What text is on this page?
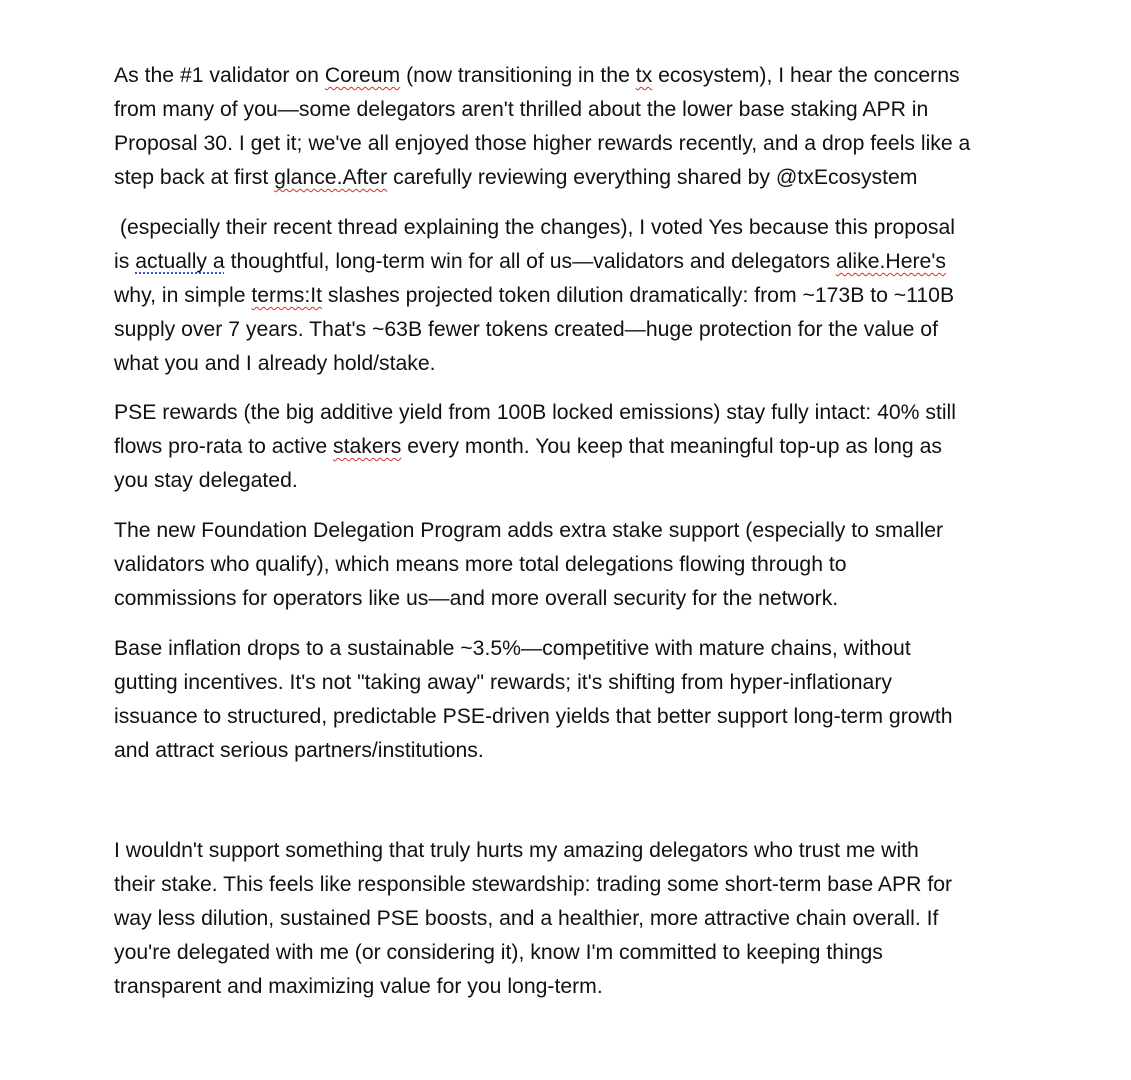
As the #1 validator on Coreum (now transitioning in the tx ecosystem), I hear the concerns
from many of you—some delegators aren't thrilled about the lower base staking APR in
Proposal 30. I get it; we've all enjoyed those higher rewards recently, and a drop feels like a
step back at first glance.After carefully reviewing everything shared by @txEcosystem

(especially their recent thread explaining the changes), I voted Yes because this proposal
is actually a thoughtful, long-term win for all of us—validators and delegators alike.Here's
why, in simple terms:It slashes projected token dilution dramatically: from ~173B to ~110B
supply over 7 years. That's ~63B fewer tokens created—huge protection for the value of
what you and I already hold/stake.

PSE rewards (the big additive yield from 100B locked emissions) stay fully intact: 40% still
flows pro-rata to active stakers every month. You keep that meaningful top-up as long as
you stay delegated.

The new Foundation Delegation Program adds extra stake support (especially to smaller
validators who qualify), which means more total delegations flowing through to
commissions for operators like us—and more overall security for the network.

Base inflation drops to a sustainable ~3.5%—competitive with mature chains, without
gutting incentives. It's not "taking away" rewards; it's shifting from hyper-inflationary
issuance to structured, predictable PSE-driven yields that better support long-term growth
and attract serious partners/institutions.

I wouldn't support something that truly hurts my amazing delegators who trust me with
their stake. This feels like responsible stewardship: trading some short-term base APR for
way less dilution, sustained PSE boosts, and a healthier, more attractive chain overall. If
you're delegated with me (or considering it), know I'm committed to keeping things
transparent and maximizing value for you long-term.
